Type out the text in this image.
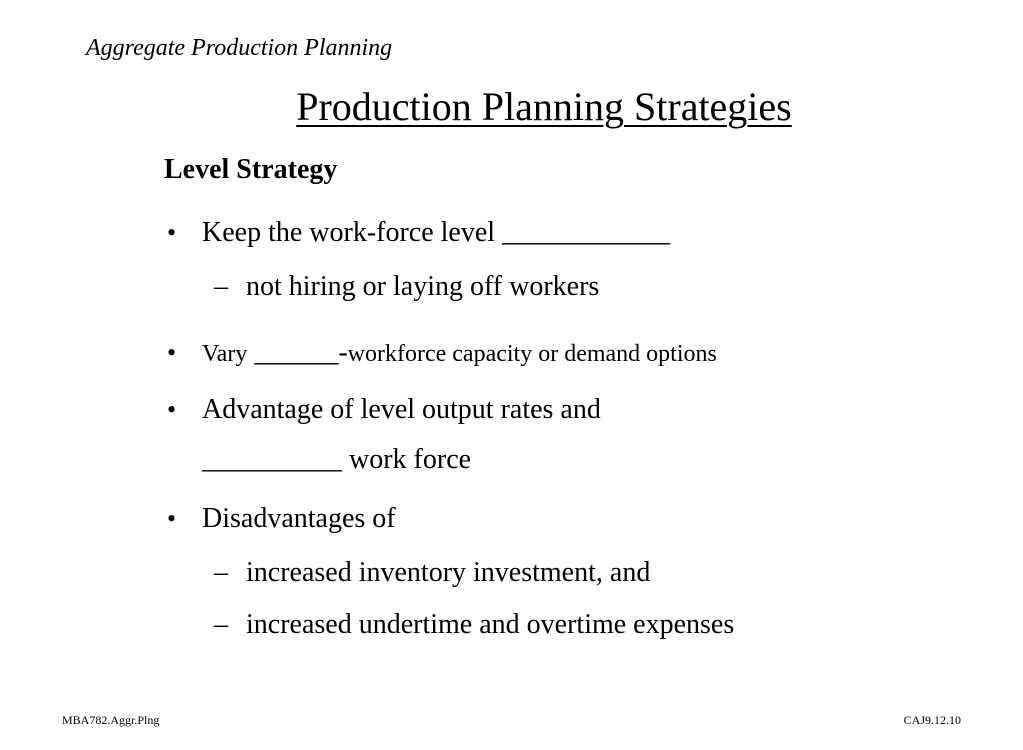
Aggregate Production Planning
Production Planning Strategies
Level Strategy
• Keep the work-force level ____________
– not hiring or laying off workers
• Vary ______-workforce capacity or demand options
• Advantage of level output rates and
__________ work force
• Disadvantages of
– increased inventory investment, and
– increased undertime and overtime expenses
MBA782.Aggr.Plng	CAJ9.12.10
